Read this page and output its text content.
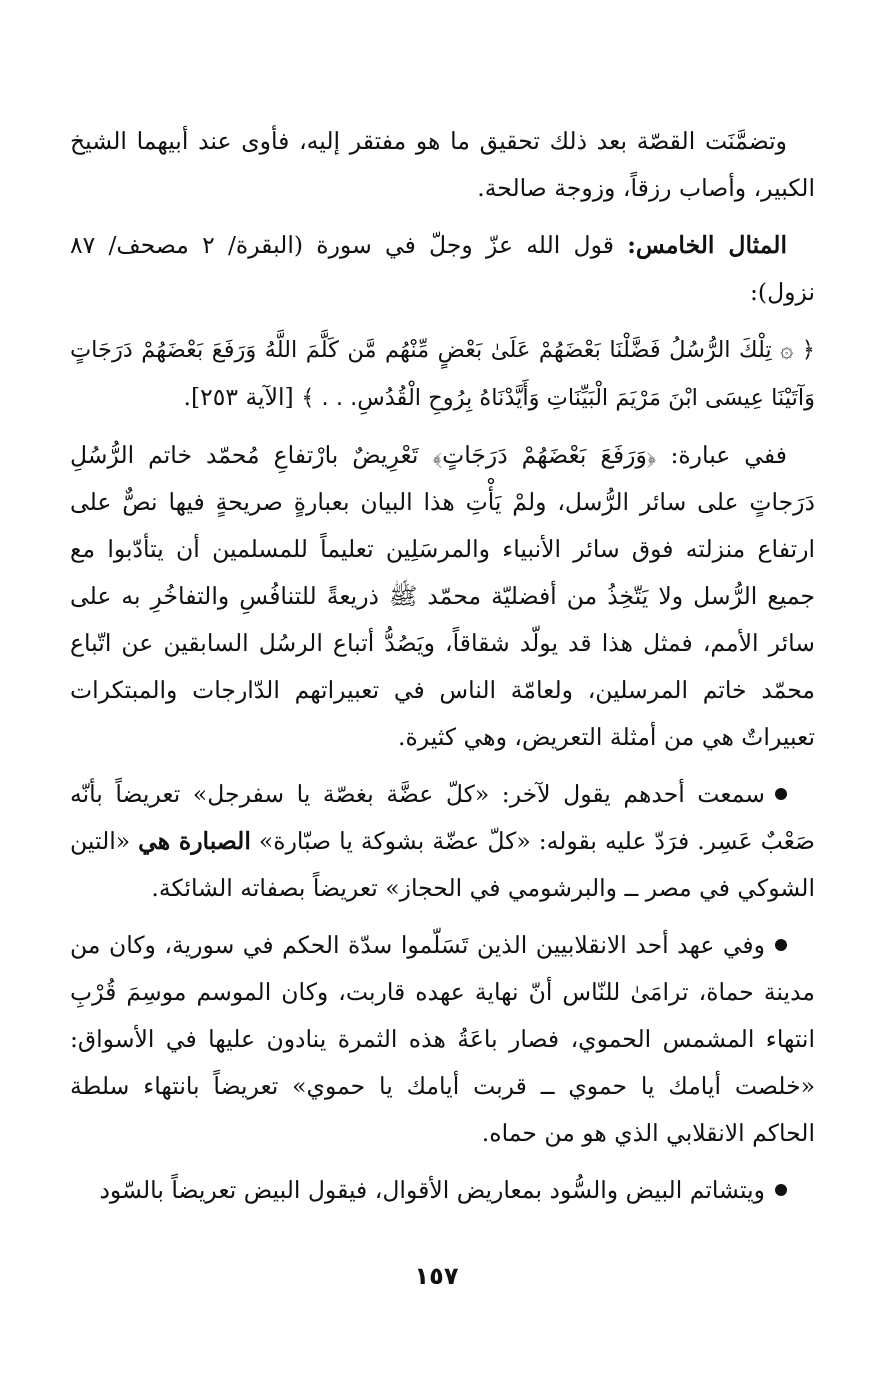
وتضمَّنَت القصّة بعد ذلك تحقيق ما هو مفتقر إليه، فأوى عند أبيهما الشيخ الكبير، وأصاب رزقاً، وزوجة صالحة.

المثال الخامس: قول الله عزّ وجلّ في سورة (البقرة/ ٢ مصحف/ ٨٧ نزول):

﴿ ۞ تِلْكَ الرُّسُلُ فَضَّلْنَا بَعْضَهُمْ عَلَىٰ بَعْضٍ مِّنْهُم مَّن كَلَّمَ اللَّهُ وَرَفَعَ بَعْضَهُمْ دَرَجَاتٍ وَآتَيْنَا عِيسَى ابْنَ مَرْيَمَ الْبَيِّنَاتِ وَأَيَّدْنَاهُ بِرُوحِ الْقُدُسِ. . . ﴾ [الآية ٢٥٣].

ففي عبارة: ﴿وَرَفَعَ بَعْضَهُمْ دَرَجَاتٍ﴾ تَعْرِيضٌ بارْتفاعِ مُحمّد خاتم الرُّسُلِ دَرَجاتٍ على سائر الرُّسل، ولمْ يَأْتِ هذا البيان بعبارةٍ صريحةٍ فيها نصٌّ على ارتفاع منزلته فوق سائر الأنبياء والمرسَلِين تعليماً للمسلمين أن يتأدّبوا مع جميع الرُّسل ولا يَتّخِذُ من أفضليّة محمّد ﷺ ذريعةً للتنافُسِ والتفاخُرِ به على سائر الأمم، فمثل هذا قد يولّد شقاقاً، ويَصُدُّ أتباع الرسُل السابقين عن اتّباع محمّد خاتم المرسلين، ولعامّة الناس في تعبيراتهم الدّارجات والمبتكرات تعبيراتٌ هي من أمثلة التعريض، وهي كثيرة.

سمعت أحدهم يقول لآخر: «كلّ عضَّة بغصّة يا سفرجل» تعريضاً بأنّه صَعْبٌ عَسِر. فرَدّ عليه بقوله: «كلّ عضّة بشوكة يا صبّارة» الصبارة هي «التين الشوكي في مصر ــ والبرشومي في الحجاز» تعريضاً بصفاته الشائكة.

وفي عهد أحد الانقلابيين الذين تَسَلّموا سدّة الحكم في سورية، وكان من مدينة حماة، ترامَىٰ للنّاس أنّ نهاية عهده قاربت، وكان الموسم موسِمَ قُرْبِ انتهاء المشمس الحموي، فصار باعَةُ هذه الثمرة ينادون عليها في الأسواق: «خلصت أيامك يا حموي ــ قربت أيامك يا حموي» تعريضاً بانتهاء سلطة الحاكم الانقلابي الذي هو من حماه.

ويتشاتم البيض والسُّود بمعاريض الأقوال، فيقول البيض تعريضاً بالسّود

١٥٧
